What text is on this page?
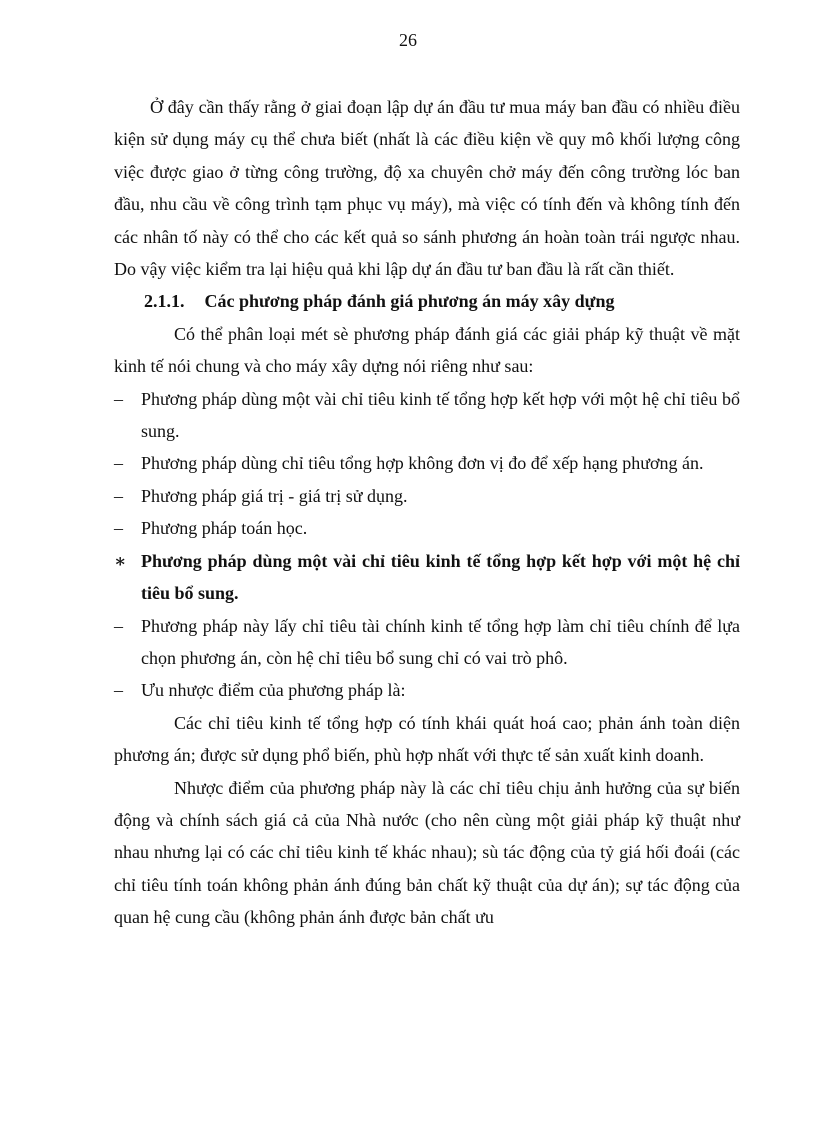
26

Ở đây cần thấy rằng ở giai đoạn lập dự án đầu tư mua máy ban đầu có nhiều điều kiện sử dụng máy cụ thể chưa biết (nhất là các điều kiện về quy mô khối lượng công việc được giao ở từng công trường, độ xa chuyên chở máy đến công trường lóc ban đầu, nhu cầu về công trình tạm phục vụ máy), mà việc có tính đến và không tính đến các nhân tố này có thể cho các kết quả so sánh phương án hoàn toàn trái ngược nhau. Do vậy việc kiểm tra lại hiệu quả khi lập dự án đầu tư ban đầu là rất cần thiết.

2.1.1. Các phương pháp đánh giá phương án máy xây dựng

Có thể phân loại mét sè phương pháp đánh giá các giải pháp kỹ thuật về mặt kinh tế nói chung và cho máy xây dựng nói riêng như sau:

–	Phương pháp dùng một vài chỉ tiêu kinh tế tổng hợp kết hợp với một hệ chỉ tiêu bổ sung.

–	Phương pháp dùng chỉ tiêu tổng hợp không đơn vị đo để xếp hạng phương án.

–	Phương pháp giá trị - giá trị sử dụng.

–	Phương pháp toán học.

∗ Phương pháp dùng một vài chỉ tiêu kinh tế tổng hợp kết hợp với một hệ chỉ tiêu bổ sung.

–	Phương pháp này lấy chỉ tiêu tài chính kinh tế tổng hợp làm chỉ tiêu chính để lựa chọn phương án, còn hệ chỉ tiêu bổ sung chỉ có vai trò phô.

–	Ưu nhược điểm của phương pháp là:

Các chỉ tiêu kinh tế tổng hợp có tính khái quát hoá cao; phản ánh toàn diện phương án; được sử dụng phổ biến, phù hợp nhất với thực tế sản xuất kinh doanh.

Nhược điểm của phương pháp này là các chỉ tiêu chịu ảnh hưởng của sự biến động và chính sách giá cả của Nhà nước (cho nên cùng một giải pháp kỹ thuật như nhau nhưng lại có các chỉ tiêu kinh tế khác nhau); sù tác động của tỷ giá hối đoái (các chỉ tiêu tính toán không phản ánh đúng bản chất kỹ thuật của dự án); sự tác động của quan hệ cung cầu (không phản ánh được bản chất ưu
